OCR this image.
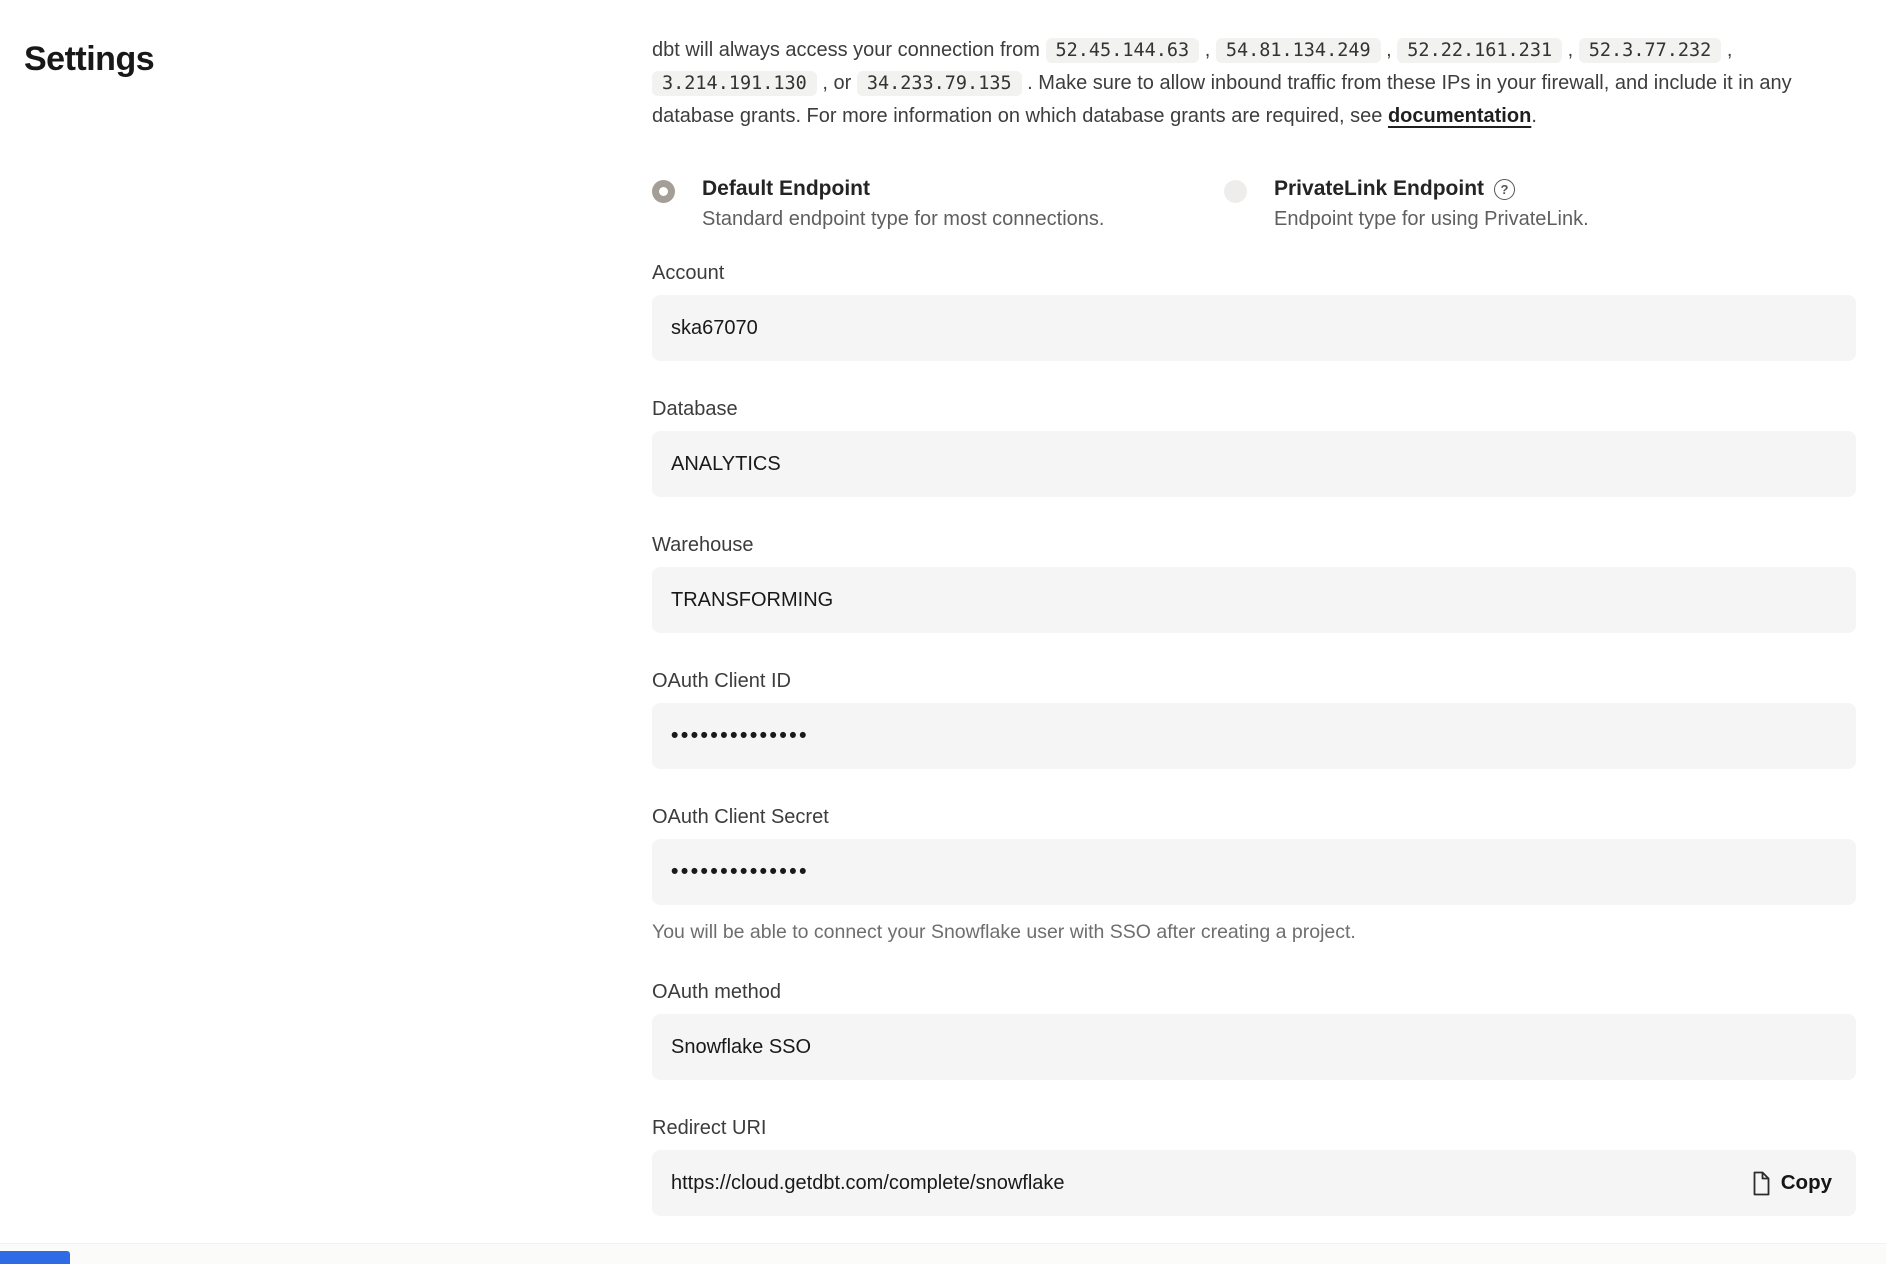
Settings	dbt will always access your connection from 52.45.144.63 , 54.81.134.249 , 52.22.161.231 , 52.3.77.232 , 3.214.191.130 , or 34.233.79.135 . Make sure to allow inbound traffic from these IPs in your firewall, and include it in any database grants. For more information on which database grants are required, see documentation.
Default Endpoint
Standard endpoint type for most connections.
PrivateLink Endpoint	?
Endpoint type for using PrivateLink.
Account
ska67070
Database
ANALYTICS
Warehouse
TRANSFORMING
OAuth Client ID
••••••••••••••
OAuth Client Secret
••••••••••••••
You will be able to connect your Snowflake user with SSO after creating a project.
OAuth method
Snowflake SSO
Redirect URI
https://cloud.getdbt.com/complete/snowflake	Copy
